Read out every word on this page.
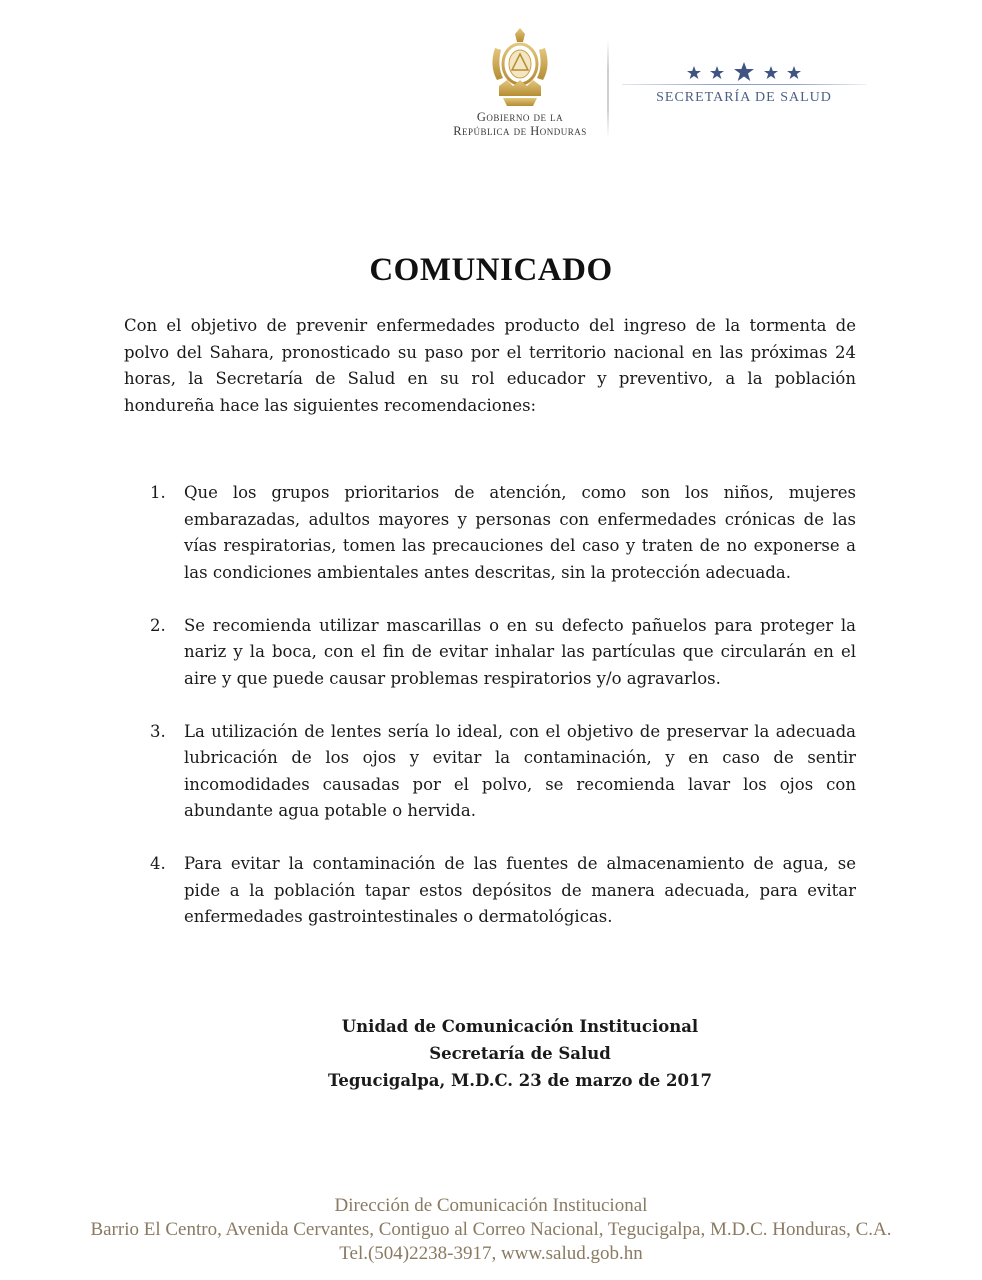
Gobierno de la
República de Honduras
SECRETARÍA DE SALUD
COMUNICADO

Con el objetivo de prevenir enfermedades producto del ingreso de la tormenta de polvo del Sahara, pronosticado su paso por el territorio nacional en las próximas 24 horas, la Secretaría de Salud en su rol educador y preventivo, a la población hondureña hace las siguientes recomendaciones:

1.	Que los grupos prioritarios de atención, como son los niños, mujeres embarazadas, adultos mayores y personas con enfermedades crónicas de las vías respiratorias, tomen las precauciones del caso y traten de no exponerse a las condiciones ambientales antes descritas, sin la protección adecuada.
2.	Se recomienda utilizar mascarillas o en su defecto pañuelos para proteger la nariz y la boca, con el fin de evitar inhalar las partículas que circularán en el aire y que puede causar problemas respiratorios y/o agravarlos.
3.	La utilización de lentes sería lo ideal, con el objetivo de preservar la adecuada lubricación de los ojos y evitar la contaminación, y en caso de sentir incomodidades causadas por el polvo, se recomienda lavar los ojos con abundante agua potable o hervida.
4.	Para evitar la contaminación de las fuentes de almacenamiento de agua, se pide a la población tapar estos depósitos de manera adecuada, para evitar enfermedades gastrointestinales o dermatológicas.
Unidad de Comunicación Institucional
Secretaría de Salud
Tegucigalpa, M.D.C. 23 de marzo de 2017
Dirección de Comunicación Institucional
Barrio El Centro, Avenida Cervantes, Contiguo al Correo Nacional, Tegucigalpa, M.D.C. Honduras, C.A.
Tel.(504)2238-3917, www.salud.gob.hn
